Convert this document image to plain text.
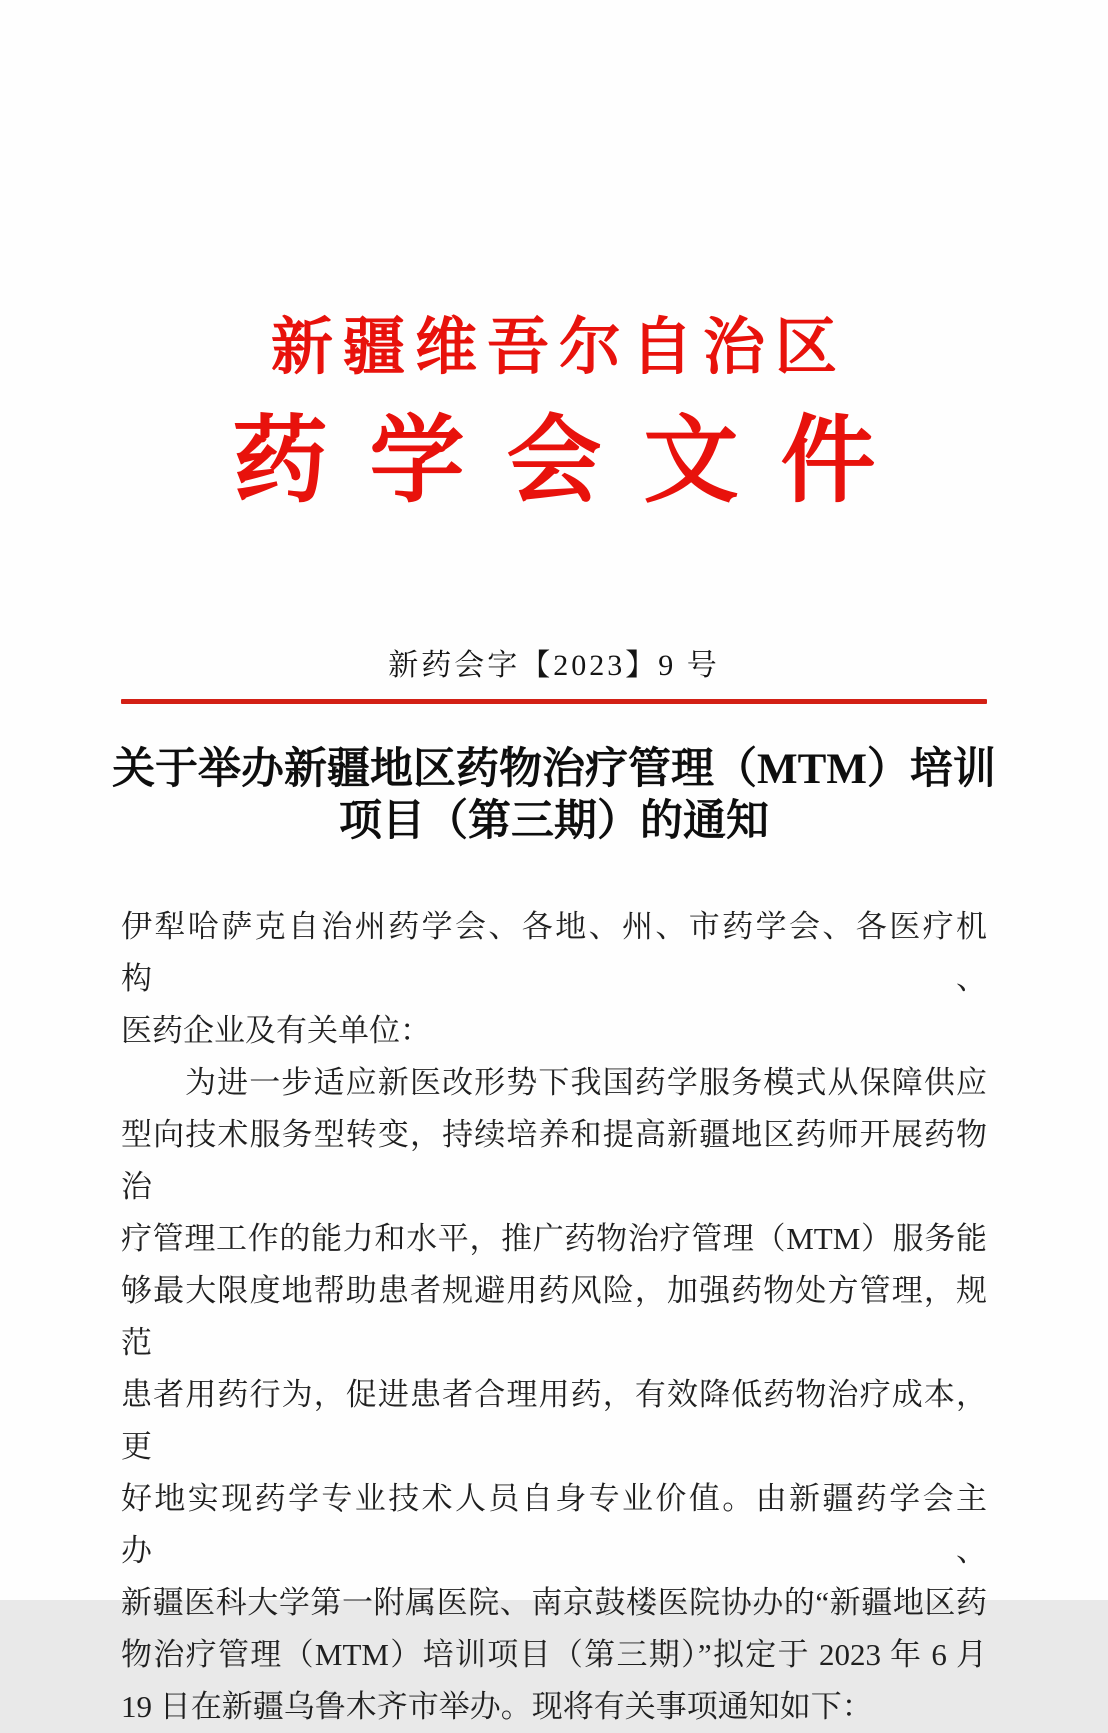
新疆维吾尔自治区
药学会文件
新药会字【2023】9 号
关于举办新疆地区药物治疗管理（MTM）培训
项目（第三期）的通知
伊犁哈萨克自治州药学会、各地、州、市药学会、各医疗机构、
医药企业及有关单位：
为进一步适应新医改形势下我国药学服务模式从保障供应
型向技术服务型转变，持续培养和提高新疆地区药师开展药物治
疗管理工作的能力和水平，推广药物治疗管理（MTM）服务能
够最大限度地帮助患者规避用药风险，加强药物处方管理，规范
患者用药行为，促进患者合理用药，有效降低药物治疗成本，更
好地实现药学专业技术人员自身专业价值。由新疆药学会主办、
新疆医科大学第一附属医院、南京鼓楼医院协办的“新疆地区药
物治疗管理（MTM）培训项目（第三期）”拟定于 2023 年 6 月
19 日在新疆乌鲁木齐市举办。现将有关事项通知如下：
